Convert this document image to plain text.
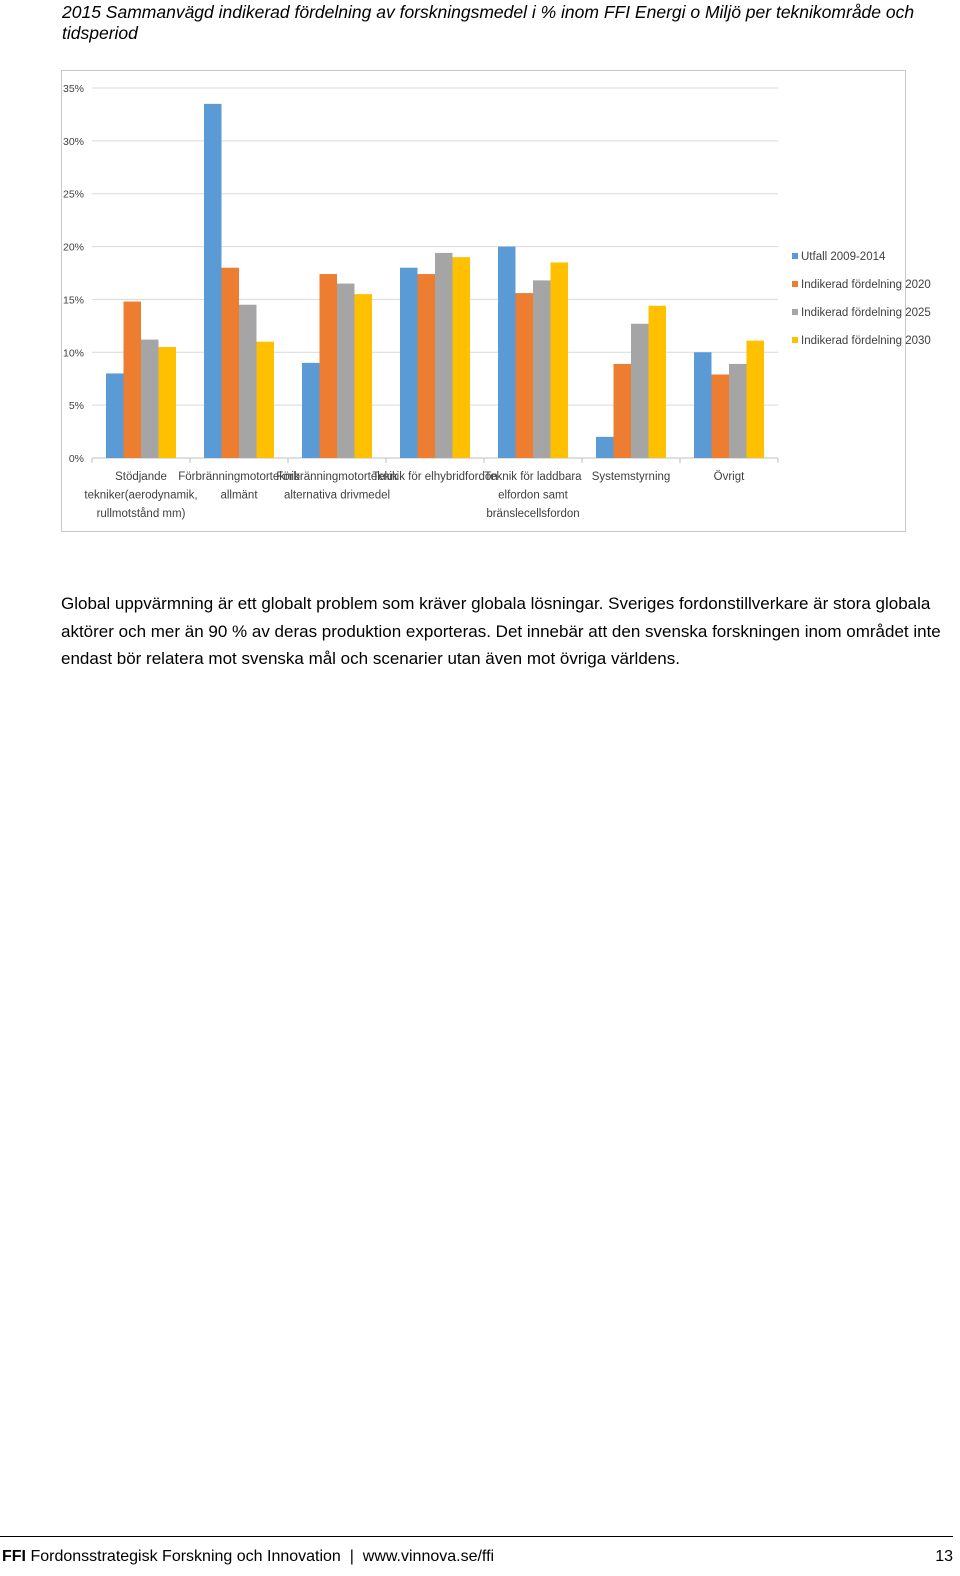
2015 Sammanvägd indikerad fördelning av forskningsmedel i % inom FFI Energi o Miljö per teknikområde och tidsperiod
0%
5%
10%
15%
20%
25%
30%
35%
Stödjande
tekniker(aerodynamik,
rullmotstånd mm)
Förbränningmotorteknik
allmänt
Förbränningmotorteknik
alternativa drivmedel
Teknik för elhybridfordon
Teknik för laddbara
elfordon samt
bränslecellsfordon
Systemstyrning	Övrigt
Utfall 2009-2014
Indikerad fördelning 2020
Indikerad fördelning 2025
Indikerad fördelning 2030
Global uppvärmning är ett globalt problem som kräver globala lösningar. Sveriges fordonstillverkare är stora globala aktörer och mer än 90 % av deras produktion exporteras. Det innebär att den svenska forskningen inom området inte endast bör relatera mot svenska mål och scenarier utan även mot övriga världens.
FFI Fordonsstrategisk Forskning och Innovation  |  www.vinnova.se/ffi	13
